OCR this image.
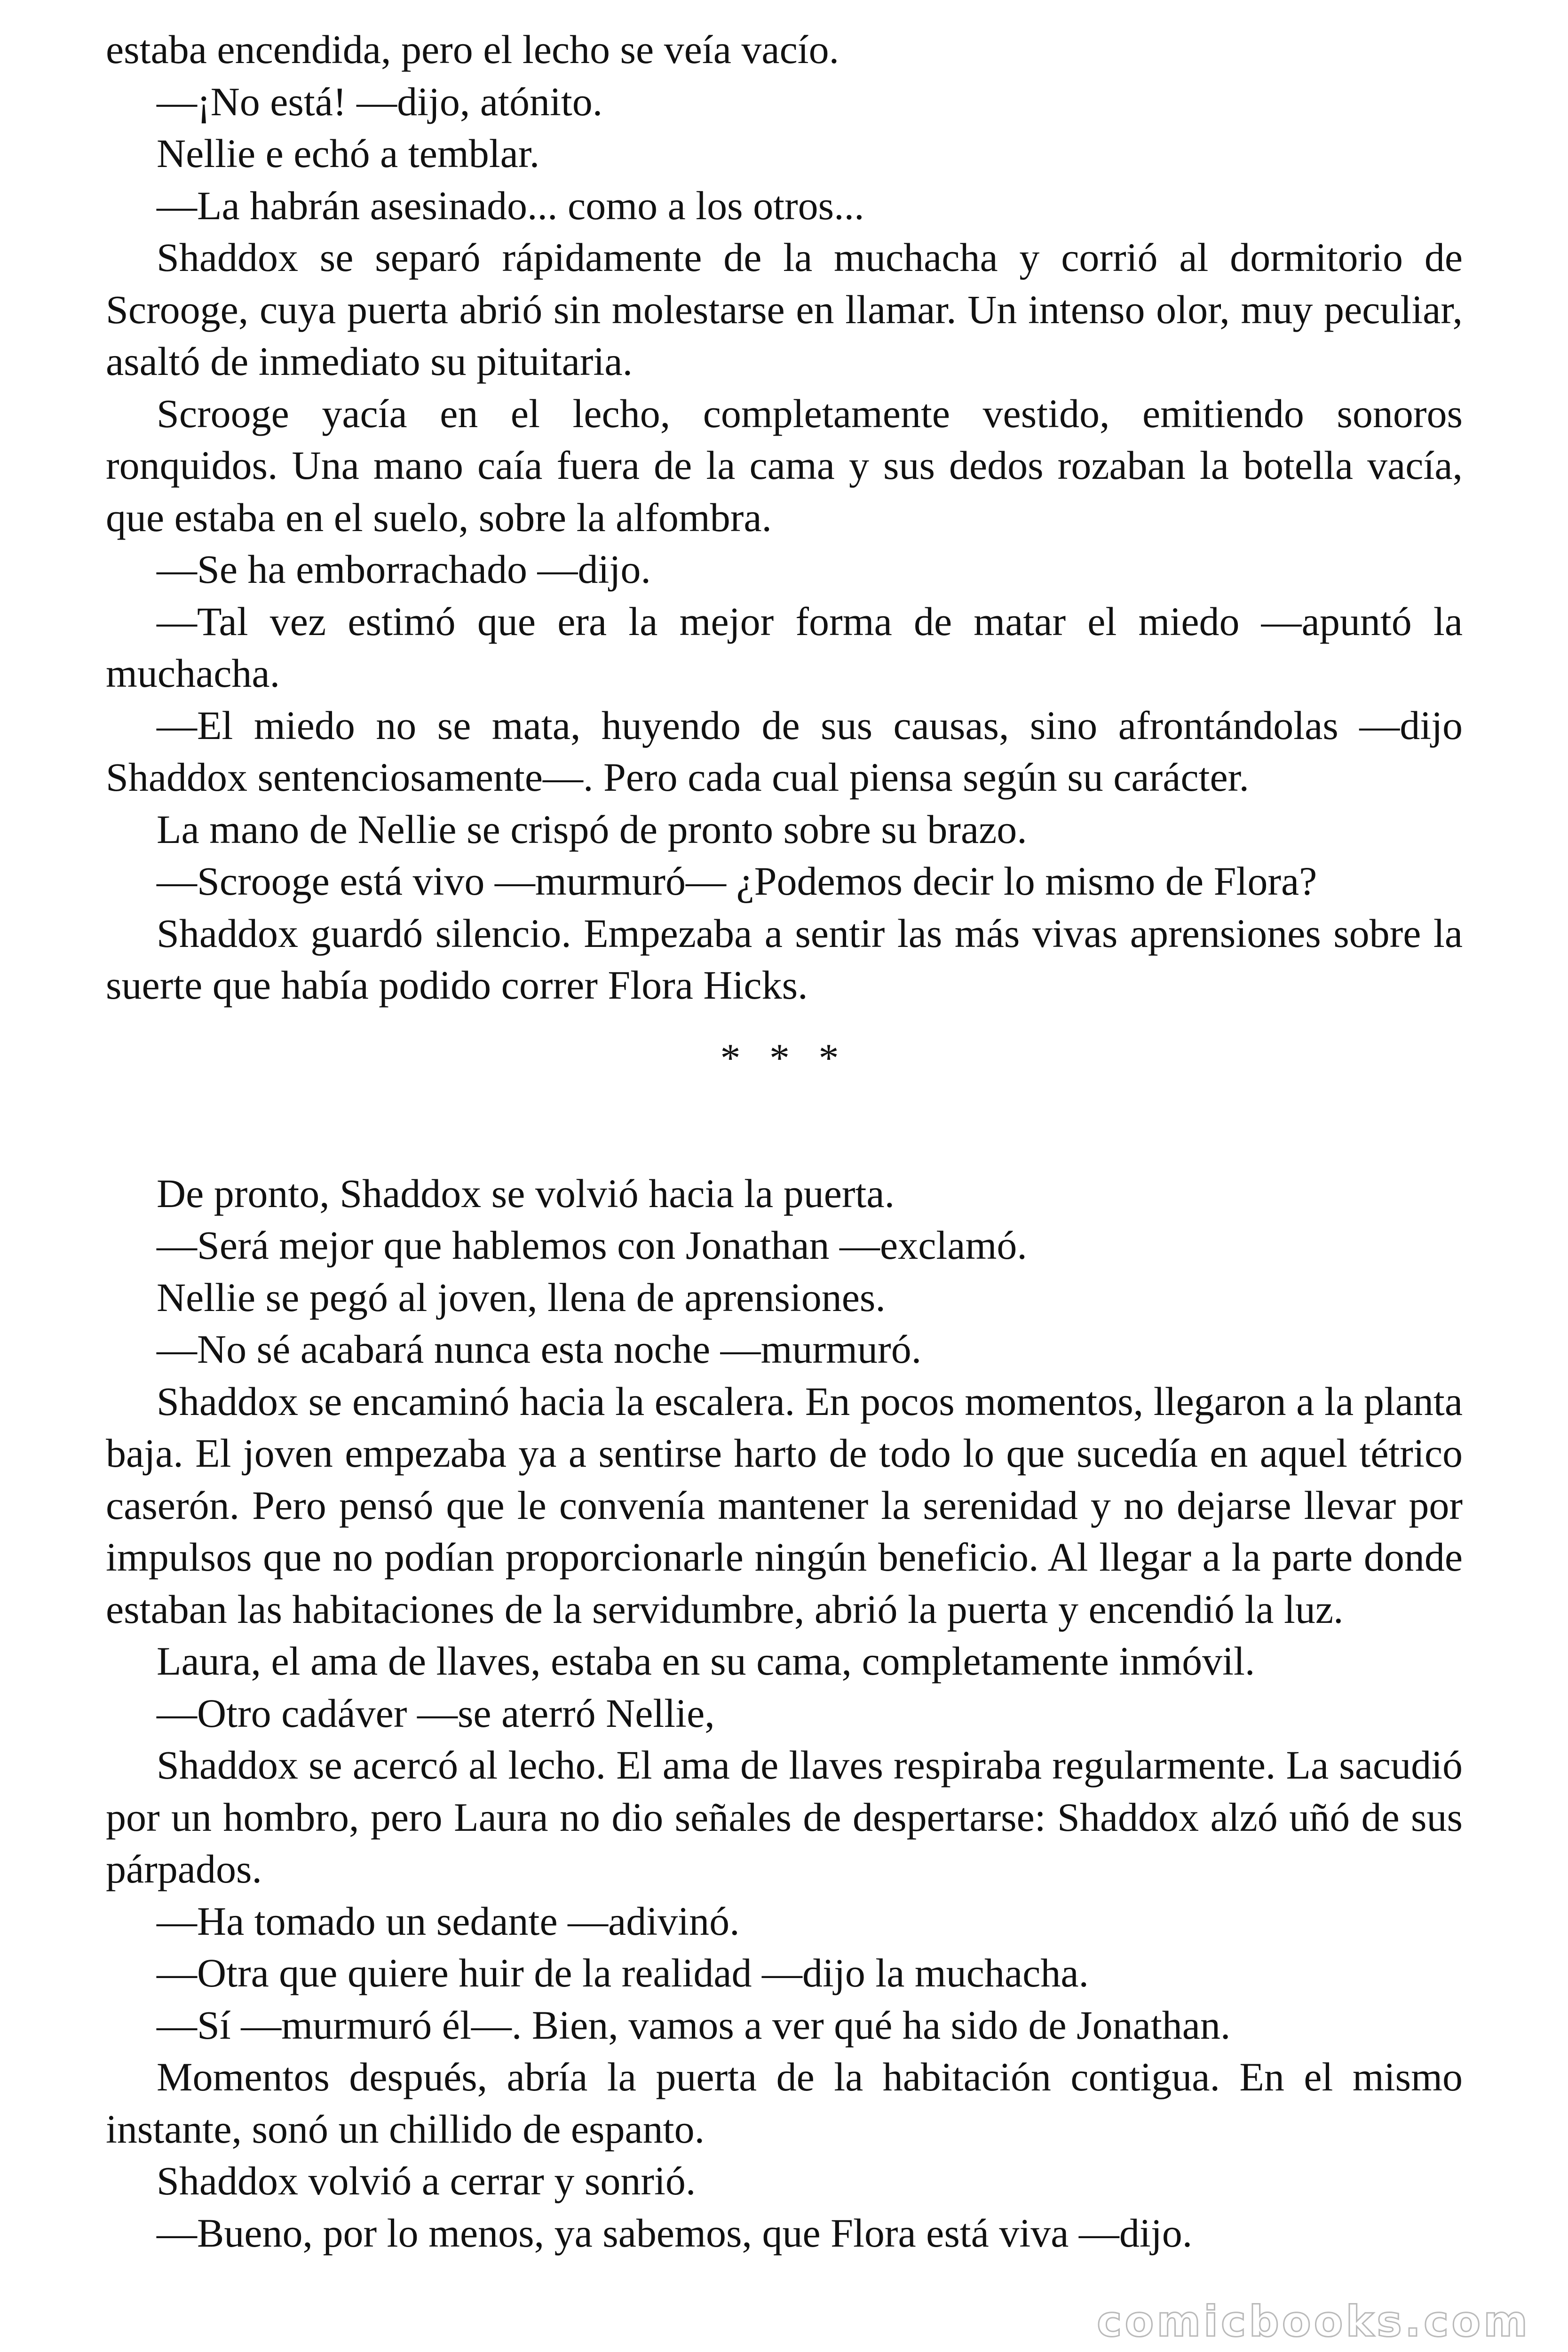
estaba encendida, pero el lecho se veía vacío.

—¡No está! —dijo, atónito.

Nellie e echó a temblar.

—La habrán asesinado... como a los otros...

Shaddox se separó rápidamente de la muchacha y corrió al dormitorio de Scrooge, cuya puerta abrió sin molestarse en llamar. Un intenso olor, muy peculiar, asaltó de inmediato su pituitaria.

Scrooge yacía en el lecho, completamente vestido, emitiendo sonoros ronquidos. Una mano caía fuera de la cama y sus dedos rozaban la botella vacía, que estaba en el suelo, sobre la alfombra.

—Se ha emborrachado —dijo.

—Tal vez estimó que era la mejor forma de matar el miedo —apuntó la muchacha.

—El miedo no se mata, huyendo de sus causas, sino afrontándolas —dijo Shaddox sentenciosamente—. Pero cada cual piensa según su carácter.

La mano de Nellie se crispó de pronto sobre su brazo.

—Scrooge está vivo —murmuró— ¿Podemos decir lo mismo de Flora?

Shaddox guardó silencio. Empezaba a sentir las más vivas aprensiones sobre la suerte que había podido correr Flora Hicks.

* * *

De pronto, Shaddox se volvió hacia la puerta.

—Será mejor que hablemos con Jonathan —exclamó.

Nellie se pegó al joven, llena de aprensiones.

—No sé acabará nunca esta noche —murmuró.

Shaddox se encaminó hacia la escalera. En pocos momentos, llegaron a la planta baja. El joven empezaba ya a sentirse harto de todo lo que sucedía en aquel tétrico caserón. Pero pensó que le convenía mantener la serenidad y no dejarse llevar por impulsos que no podían proporcionarle ningún beneficio. Al llegar a la parte donde estaban las habitaciones de la servidumbre, abrió la puerta y encendió la luz.

Laura, el ama de llaves, estaba en su cama, completamente inmóvil.

—Otro cadáver —se aterró Nellie,

Shaddox se acercó al lecho. El ama de llaves respiraba regularmente. La sacudió por un hombro, pero Laura no dio señales de despertarse: Shaddox alzó uñó de sus párpados.

—Ha tomado un sedante —adivinó.

—Otra que quiere huir de la realidad —dijo la muchacha.

—Sí —murmuró él—. Bien, vamos a ver qué ha sido de Jonathan.

Momentos después, abría la puerta de la habitación contigua. En el mismo instante, sonó un chillido de espanto.

Shaddox volvió a cerrar y sonrió.

—Bueno, por lo menos, ya sabemos, que Flora está viva —dijo.

comicbooks.com
